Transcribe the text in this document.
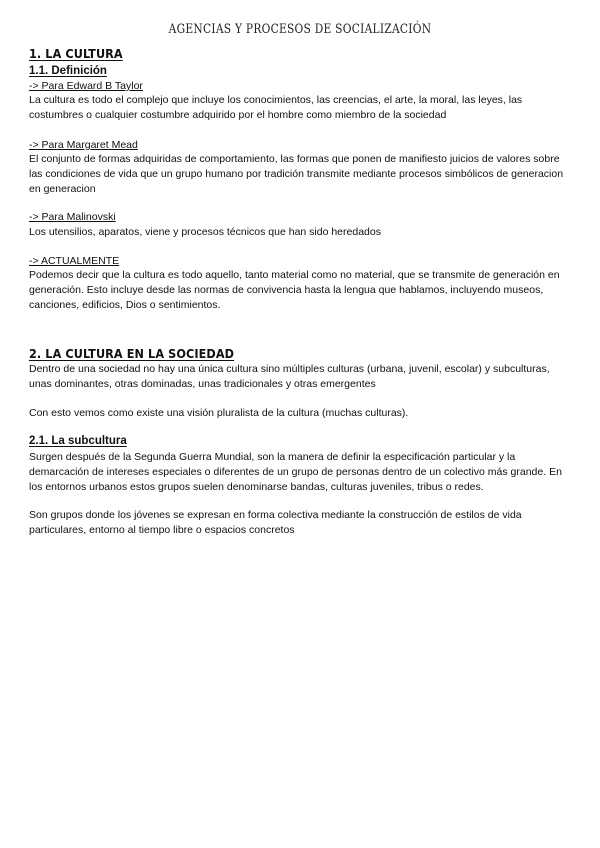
AGENCIAS Y PROCESOS DE SOCIALIZACIÓN
1. LA CULTURA
1.1. Definición
-> Para Edward B Taylor
La cultura es todo el complejo que incluye los conocimientos, las creencias, el arte, la moral, las leyes, las costumbres o cualquier costumbre adquirido por el hombre como miembro de la sociedad
-> Para Margaret Mead
El conjunto de formas adquiridas de comportamiento, las formas que ponen de manifiesto juicios de valores sobre las condiciones de vida que un grupo humano por tradición transmite mediante procesos simbólicos de generacion en generacion
-> Para Malinovski
Los utensilios, aparatos, viene y procesos técnicos que han sido heredados
-> ACTUALMENTE
Podemos decir que la cultura es todo aquello, tanto material como no material, que se transmite de generación en generación. Esto incluye desde las normas de convivencia hasta la lengua que hablamos, incluyendo museos, canciones, edificios, Dios o sentimientos.
2. LA CULTURA EN LA SOCIEDAD
Dentro de una sociedad no hay una única cultura sino múltiples culturas (urbana, juvenil, escolar) y subculturas, unas dominantes, otras dominadas, unas tradicionales y otras emergentes
Con esto vemos como existe una visión pluralista de la cultura (muchas culturas).
2.1. La subcultura
Surgen después de la Segunda Guerra Mundial, son la manera de definir la especificación particular y la demarcación de intereses especiales o diferentes de un grupo de personas dentro de un colectivo más grande. En los entornos urbanos estos grupos suelen denominarse bandas, culturas juveniles, tribus o redes.
Son grupos donde los jóvenes se expresan en forma colectiva mediante la construcción de estilos de vida particulares, entorno al tiempo libre o espacios concretos
